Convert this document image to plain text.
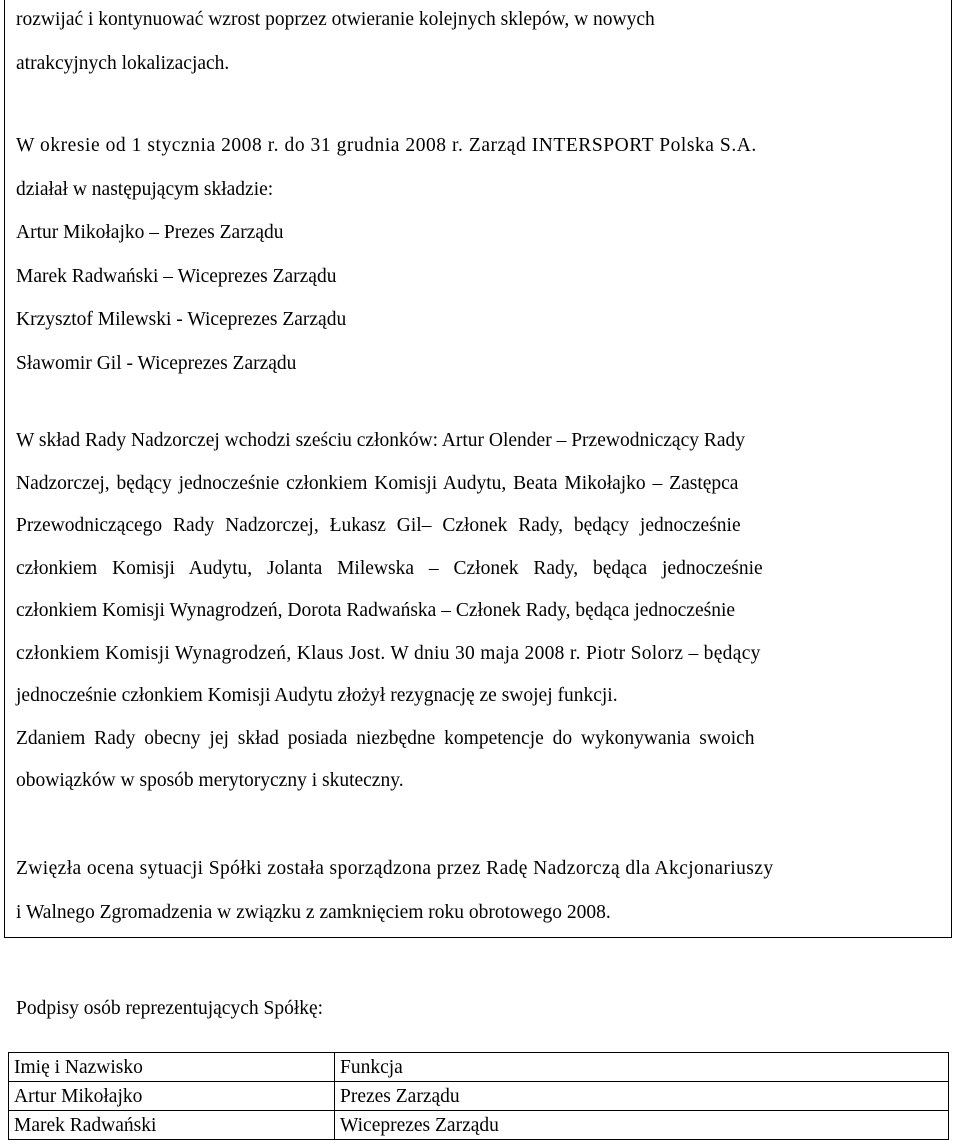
rozwijać i kontynuować wzrost poprzez otwieranie kolejnych sklepów, w nowych
atrakcyjnych lokalizacjach.

W okresie od 1 stycznia 2008 r. do 31 grudnia 2008 r. Zarząd INTERSPORT Polska S.A.
działał w następującym składzie:
Artur Mikołajko – Prezes Zarządu
Marek Radwański – Wiceprezes Zarządu
Krzysztof Milewski - Wiceprezes Zarządu
Sławomir Gil - Wiceprezes Zarządu

W skład Rady Nadzorczej wchodzi sześciu członków: Artur Olender – Przewodniczący Rady
Nadzorczej, będący jednocześnie członkiem Komisji Audytu, Beata Mikołajko – Zastępca
Przewodniczącego Rady Nadzorczej, Łukasz Gil– Członek Rady, będący jednocześnie
członkiem Komisji Audytu, Jolanta Milewska – Członek Rady, będąca jednocześnie
członkiem Komisji Wynagrodzeń, Dorota Radwańska – Członek Rady, będąca jednocześnie
członkiem Komisji Wynagrodzeń, Klaus Jost. W dniu 30 maja 2008 r. Piotr Solorz – będący
jednocześnie członkiem Komisji Audytu złożył rezygnację ze swojej funkcji.
Zdaniem Rady obecny jej skład posiada niezbędne kompetencje do wykonywania swoich
obowiązków w sposób merytoryczny i skuteczny.

Zwięzła ocena sytuacji Spółki została sporządzona przez Radę Nadzorczą dla Akcjonariuszy
i Walnego Zgromadzenia w związku z zamknięciem roku obrotowego 2008.

Podpisy osób reprezentujących Spółkę:

Imię i Nazwisko	Funkcja
Artur Mikołajko	Prezes Zarządu
Marek Radwański	Wiceprezes Zarządu
